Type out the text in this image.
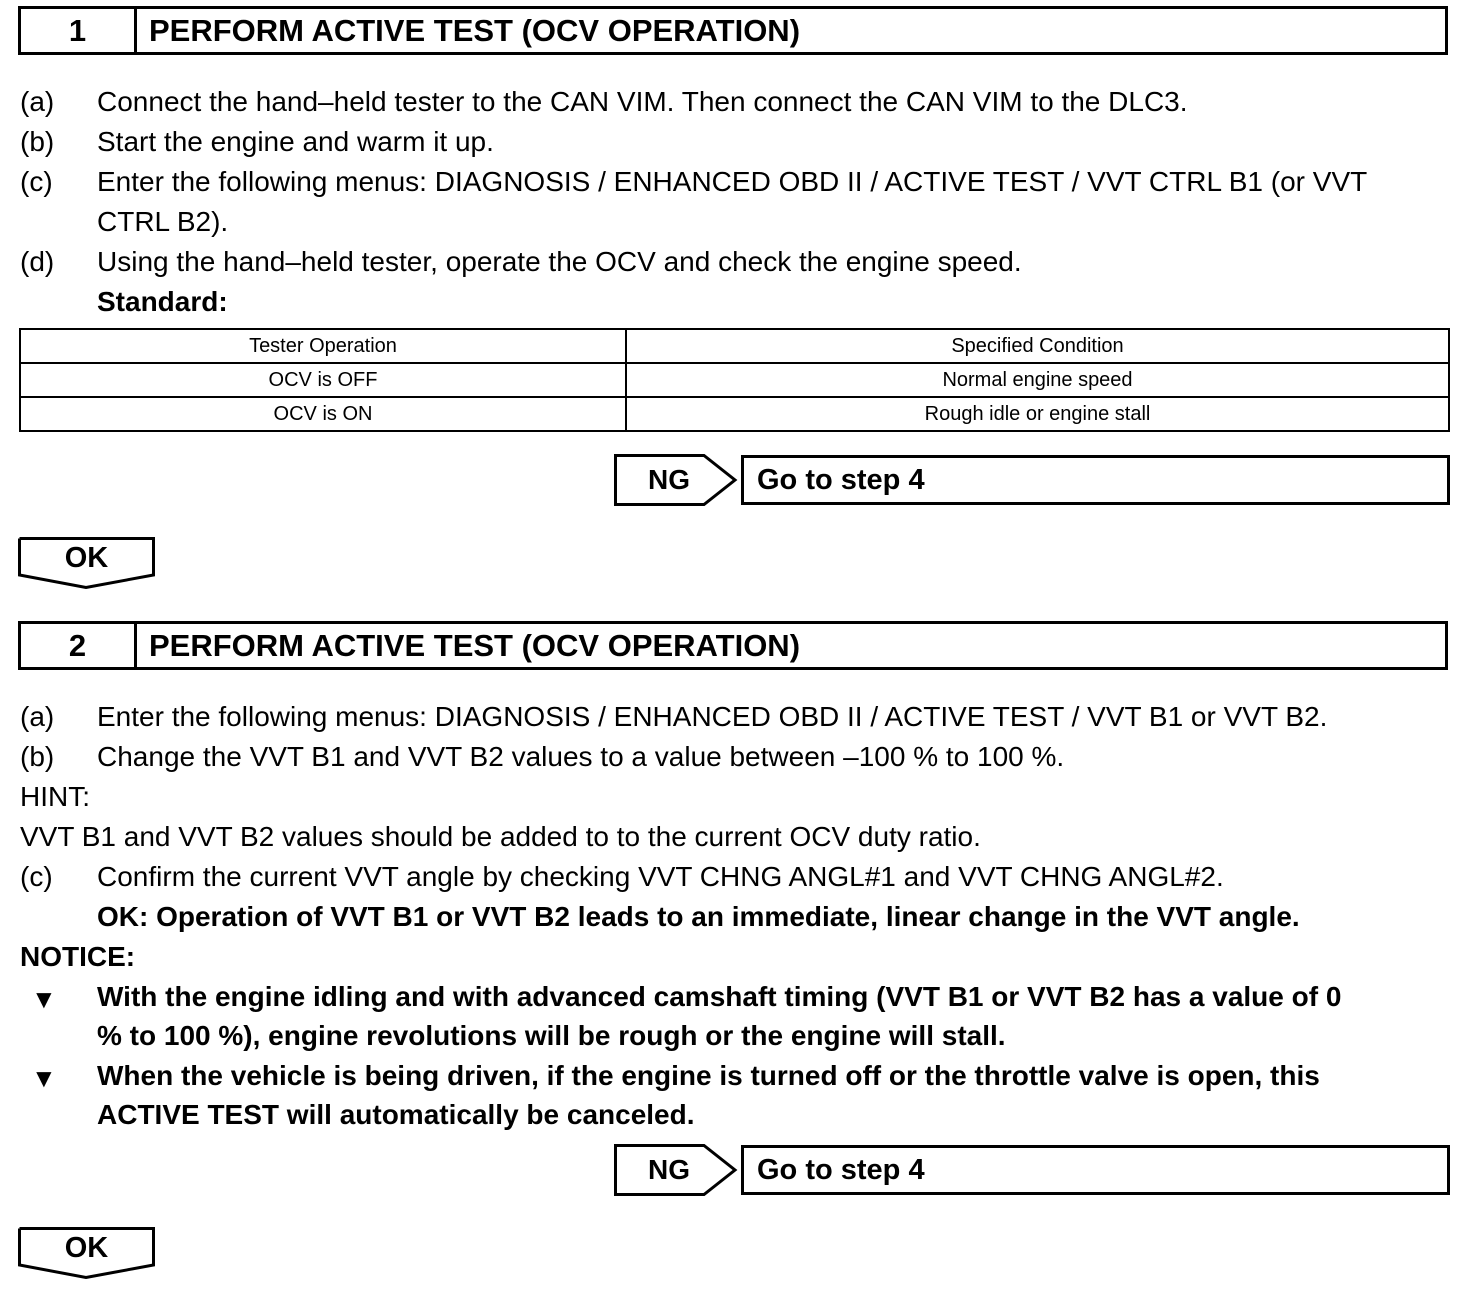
1	PERFORM ACTIVE TEST (OCV OPERATION)
(a) Connect the hand–held tester to the CAN VIM. Then connect the CAN VIM to the DLC3.
(b) Start the engine and warm it up.
(c) Enter the following menus: DIAGNOSIS / ENHANCED OBD II / ACTIVE TEST / VVT CTRL B1 (or VVT
CTRL B2).
(d) Using the hand–held tester, operate the OCV and check the engine speed.
Standard:
Tester Operation	Specified Condition
OCV is OFF	Normal engine speed
OCV is ON	Rough idle or engine stall
NG	Go to step 4
OK
2	PERFORM ACTIVE TEST (OCV OPERATION)
(a) Enter the following menus: DIAGNOSIS / ENHANCED OBD II / ACTIVE TEST / VVT B1 or VVT B2.
(b) Change the VVT B1 and VVT B2 values to a value between –100 % to 100 %.
HINT:
VVT B1 and VVT B2 values should be added to to the current OCV duty ratio.
(c) Confirm the current VVT angle by checking VVT CHNG ANGL#1 and VVT CHNG ANGL#2.
OK: Operation of VVT B1 or VVT B2 leads to an immediate, linear change in the VVT angle.
NOTICE:
▼ With the engine idling and with advanced camshaft timing (VVT B1 or VVT B2 has a value of 0
% to 100 %), engine revolutions will be rough or the engine will stall.
▼ When the vehicle is being driven, if the engine is turned off or the throttle valve is open, this
ACTIVE TEST will automatically be canceled.
NG	Go to step 4
OK
